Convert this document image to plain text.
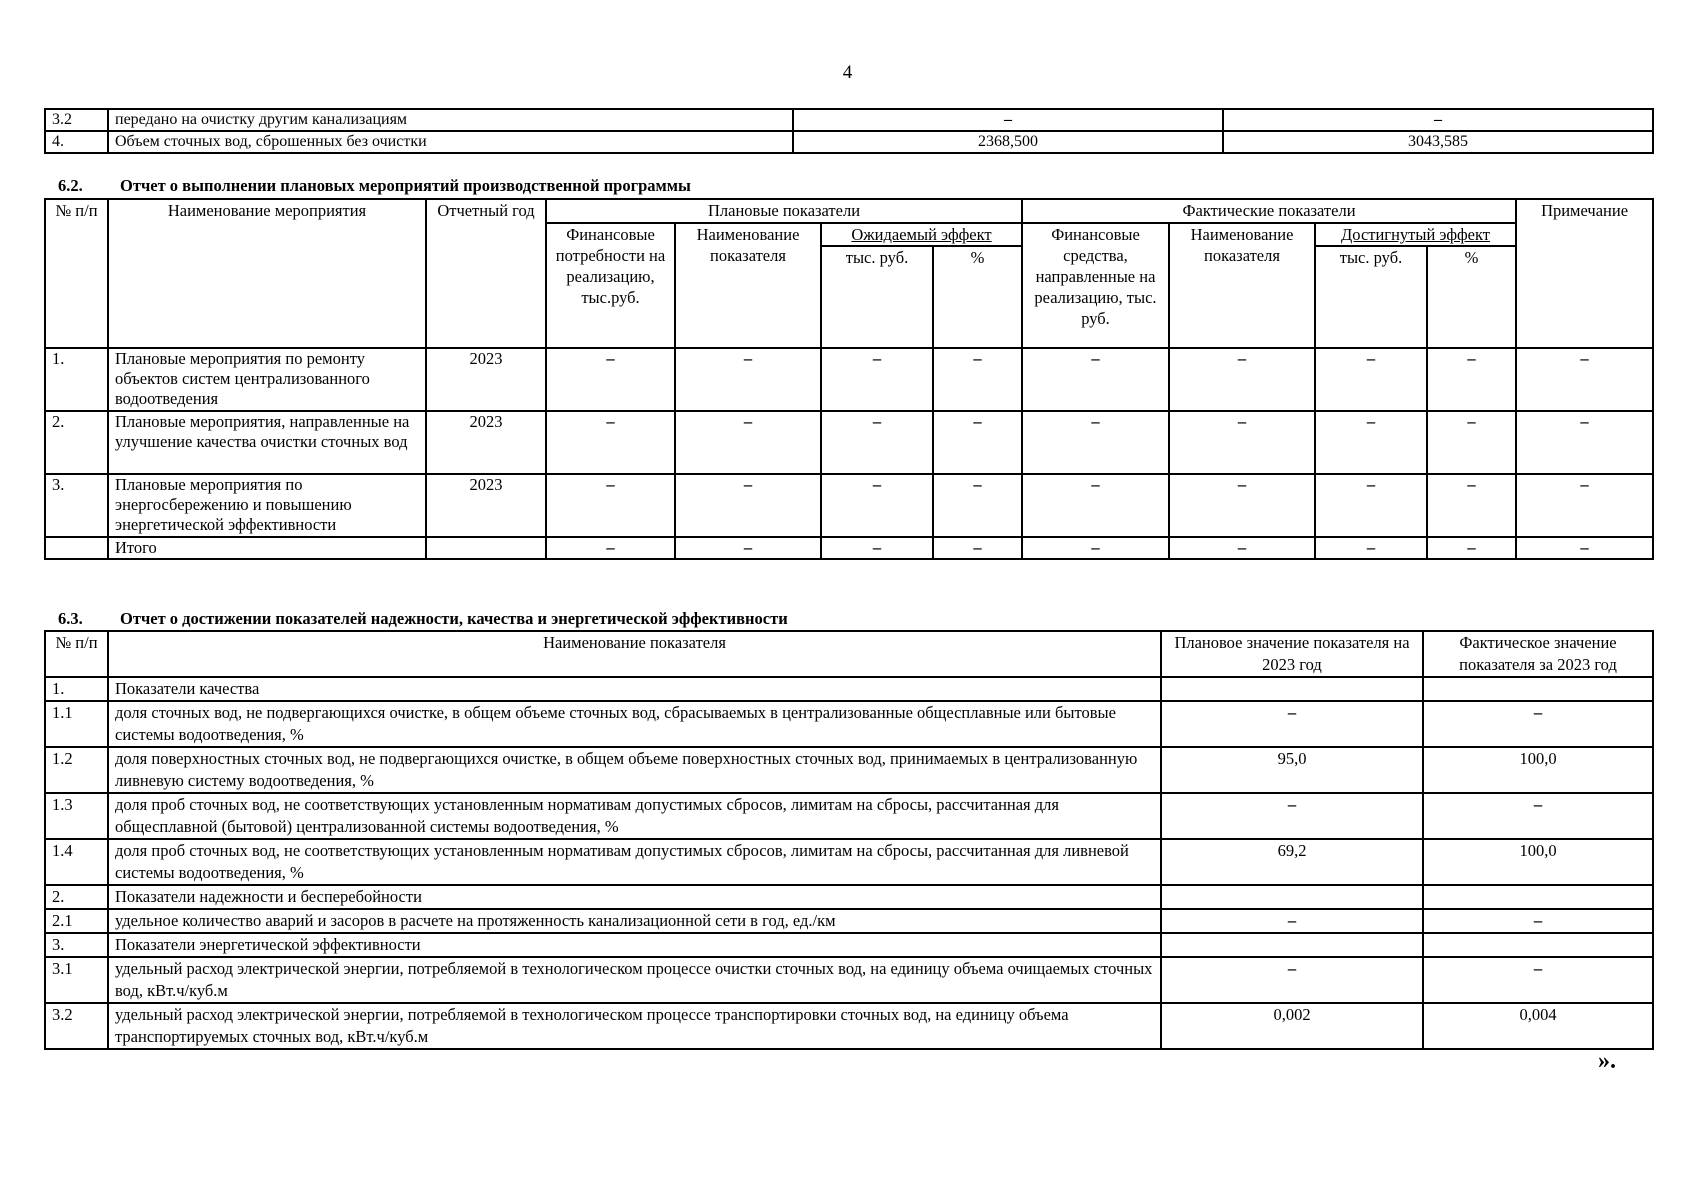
4
3.2	передано на очистку другим канализациям	–	–
4.	Объем сточных вод, сброшенных без очистки	2368,500	3043,585
6.2. Отчет о выполнении плановых мероприятий производственной программы
№ п/п	Наименование мероприятия	Отчетный год	Плановые показатели				Фактические показатели				Примечание
			Финансовые потребности на реализацию, тыс.руб.	Наименование показателя	Ожидаемый эффект		Финансовые средства, направленные на реализацию, тыс. руб.	Наименование показателя	Достигнутый эффект		
					тыс. руб.	%			тыс. руб.	%	
1.	Плановые мероприятия по ремонту объектов систем централизованного водоотведения	2023	–	–	–	–	–	–	–	–	–
2.	Плановые мероприятия, направленные на улучшение качества очистки сточных вод	2023	–	–	–	–	–	–	–	–	–
3.	Плановые мероприятия по энергосбережению и повышению энергетической эффективности	2023	–	–	–	–	–	–	–	–	–
	Итого		–	–	–	–	–	–	–	–	–
6.3. Отчет о достижении показателей надежности, качества и энергетической эффективности
№ п/п	Наименование показателя	Плановое значение показателя на 2023 год	Фактическое значение показателя за 2023 год
1.	Показатели качества		
1.1	доля сточных вод, не подвергающихся очистке, в общем объеме сточных вод, сбрасываемых в централизованные общесплавные или бытовые системы водоотведения, %	–	–
1.2	доля поверхностных сточных вод, не подвергающихся очистке, в общем объеме поверхностных сточных вод, принимаемых в централизованную ливневую систему водоотведения, %	95,0	100,0
1.3	доля проб сточных вод, не соответствующих установленным нормативам допустимых сбросов, лимитам на сбросы, рассчитанная для общесплавной (бытовой) централизованной системы водоотведения, %	–	–
1.4	доля проб сточных вод, не соответствующих установленным нормативам допустимых сбросов, лимитам на сбросы, рассчитанная для ливневой системы водоотведения, %	69,2	100,0
2.	Показатели надежности и бесперебойности		
2.1	удельное количество аварий и засоров в расчете на протяженность канализационной сети в год, ед./км	–	–
3.	Показатели энергетической эффективности		
3.1	удельный расход электрической энергии, потребляемой в технологическом процессе очистки сточных вод, на единицу объема очищаемых сточных вод, кВт.ч/куб.м	–	–
3.2	удельный расход электрической энергии, потребляемой в технологическом процессе транспортировки сточных вод, на единицу объема транспортируемых сточных вод, кВт.ч/куб.м	0,002	0,004
».
